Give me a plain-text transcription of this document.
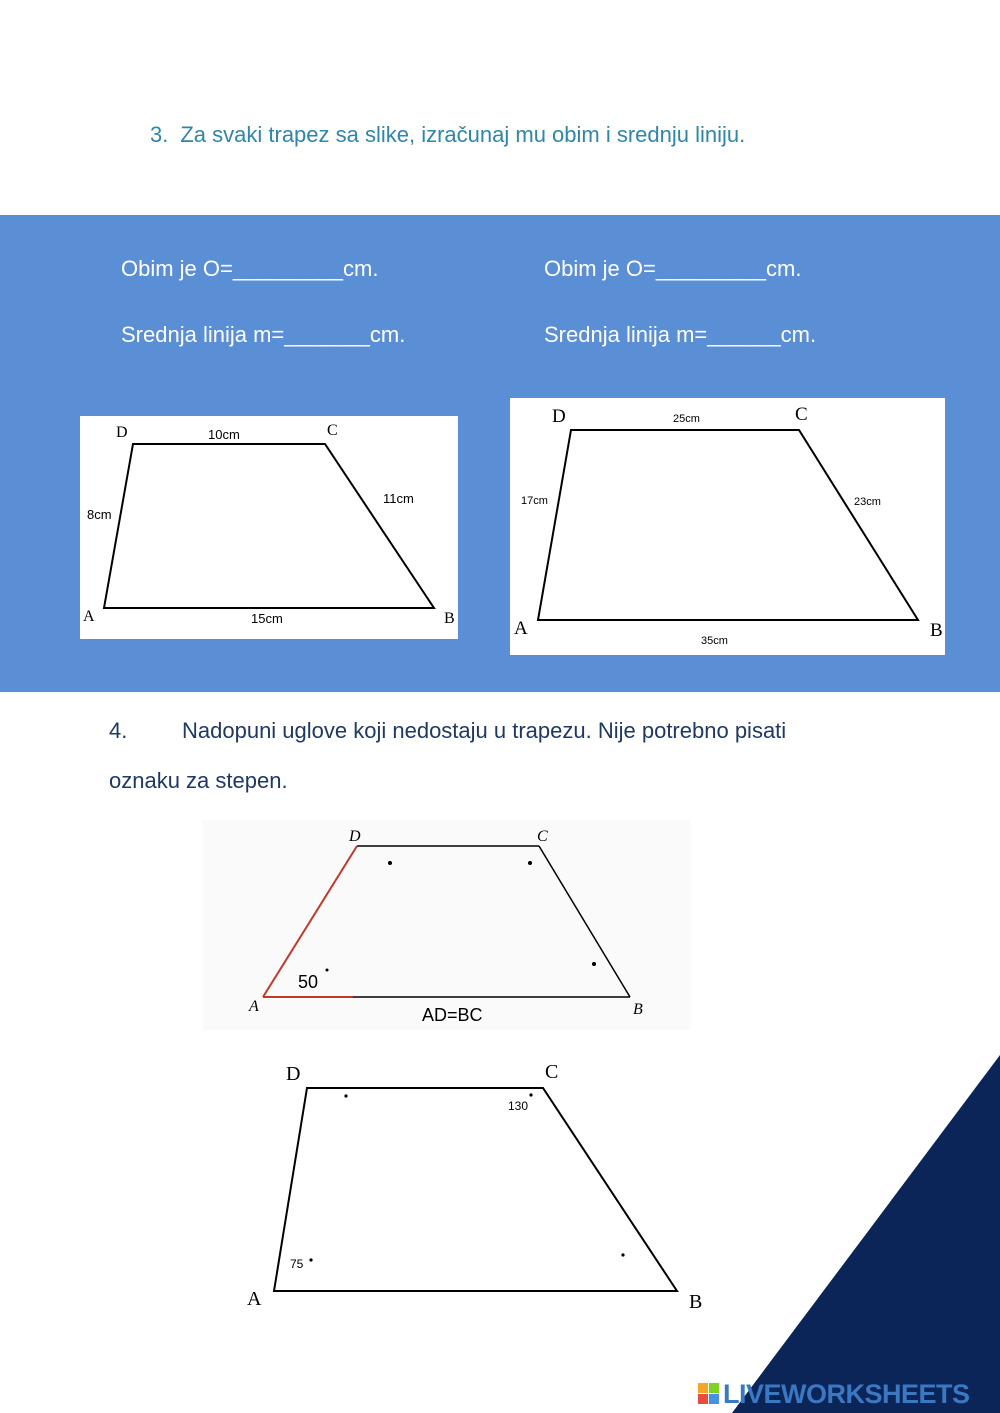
3. Za svaki trapez sa slike, izračunaj mu obim i srednju liniju.
Obim je O=_________cm.
Srednja linija m=_______cm.
Obim je O=_________cm.
Srednja linija m=______cm.
D	C
A	B
10cm
15cm
8cm
11cm
D	C
A	B
25cm
35cm
17cm	23cm
4. Nadopuni uglove koji nedostaju u trapezu. Nije potrebno pisati
oznaku za stepen.
D	C
A	B
50
AD=BC
D	C
A	B
130
75
LIVEWORKSHEETS
